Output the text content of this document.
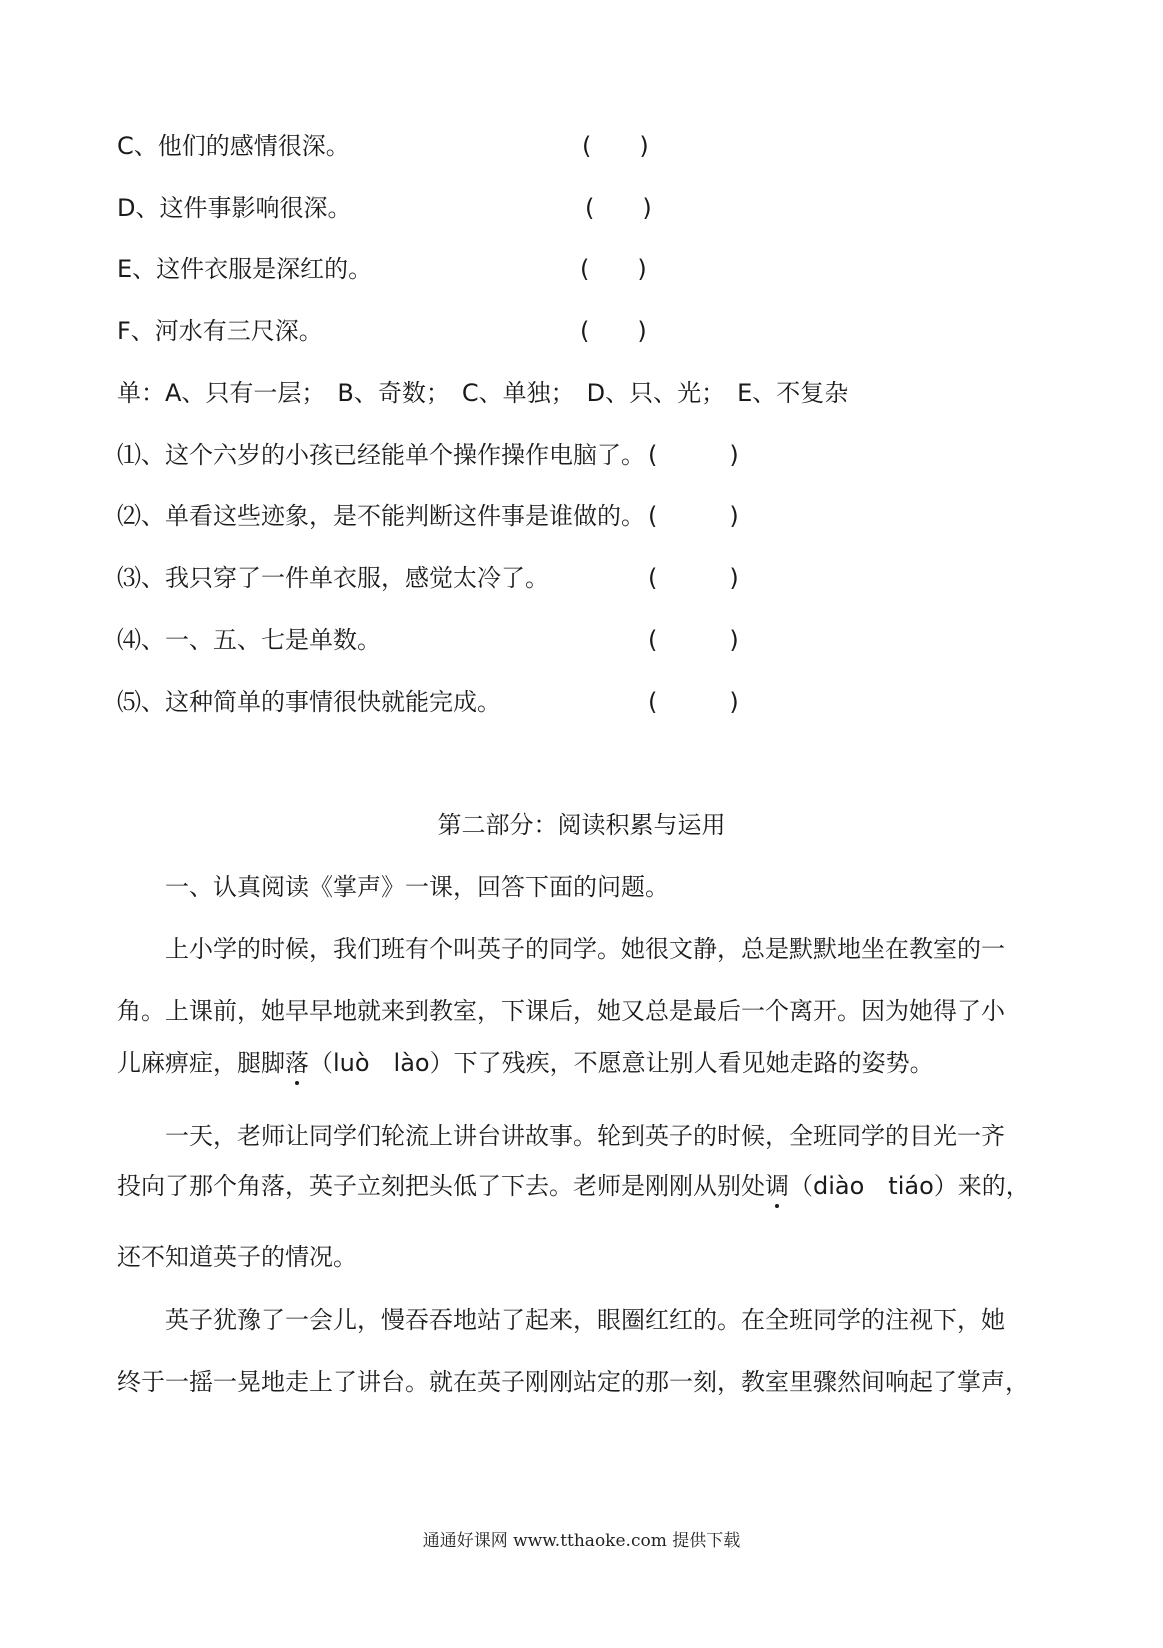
C、他们的感情很深。	(　　)
D、这件事影响很深。	(　　)
E、这件衣服是深红的。	(　　)
F、河水有三尺深。	(　　)
单：A、只有一层；　B、奇数；　C、单独；　D、只、光；　E、不复杂
⑴、这个六岁的小孩已经能单个操作操作电脑了。 (　　　)
⑵、单看这些迹象，是不能判断这件事是谁做的。 (　　　)
⑶、我只穿了一件单衣服，感觉太冷了。	(　　　)
⑷、一、五、七是单数。	(　　　)
⑸、这种简单的事情很快就能完成。	(　　　)
第二部分：阅读积累与运用
一、认真阅读《掌声》一课，回答下面的问题。
上小学的时候，我们班有个叫英子的同学。她很文静，总是默默地坐在教室的一
角。上课前，她早早地就来到教室，下课后，她又总是最后一个离开。因为她得了小
儿麻痹症，腿脚落（luò　lào）下了残疾，不愿意让别人看见她走路的姿势。
一天，老师让同学们轮流上讲台讲故事。轮到英子的时候，全班同学的目光一齐
投向了那个角落，英子立刻把头低了下去。老师是刚刚从别处调（diào　tiáo）来的，
还不知道英子的情况。
英子犹豫了一会儿，慢吞吞地站了起来，眼圈红红的。在全班同学的注视下，她
终于一摇一晃地走上了讲台。就在英子刚刚站定的那一刻，教室里骤然间响起了掌声，
通通好课网 www.tthaoke.com 提供下载
